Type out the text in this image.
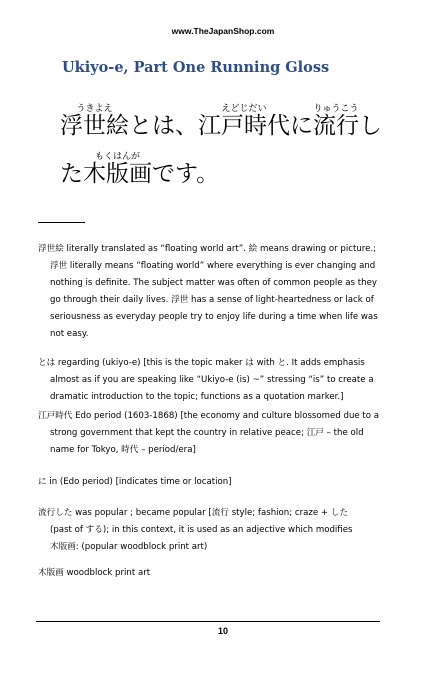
www.TheJapanShop.com
Ukiyo-e, Part One Running Gloss
浮世絵うきよえとは、江戸時代えどじだいに流行りゅうこうし
た木版画もくはんがです。
浮世絵 literally translated as “floating world art”. 絵 means drawing or picture.;
浮世 literally means “floating world” where everything is ever changing and
nothing is definite. The subject matter was often of common people as they
go through their daily lives. 浮世 has a sense of light-heartedness or lack of
seriousness as everyday people try to enjoy life during a time when life was
not easy.
とは regarding (ukiyo-e) [this is the topic maker は with と. It adds emphasis
almost as if you are speaking like “Ukiyo-e (is) ~” stressing “is” to create a
dramatic introduction to the topic; functions as a quotation marker.]
江戸時代 Edo period (1603-1868) [the economy and culture blossomed due to a
strong government that kept the country in relative peace; 江戸 – the old
name for Tokyo, 時代 – period/era]
に in (Edo period) [indicates time or location]
流行した was popular ; became popular [流行 style; fashion; craze + した
(past of する); in this context, it is used as an adjective which modifies
木版画: (popular woodblock print art)
木版画 woodblock print art
10
